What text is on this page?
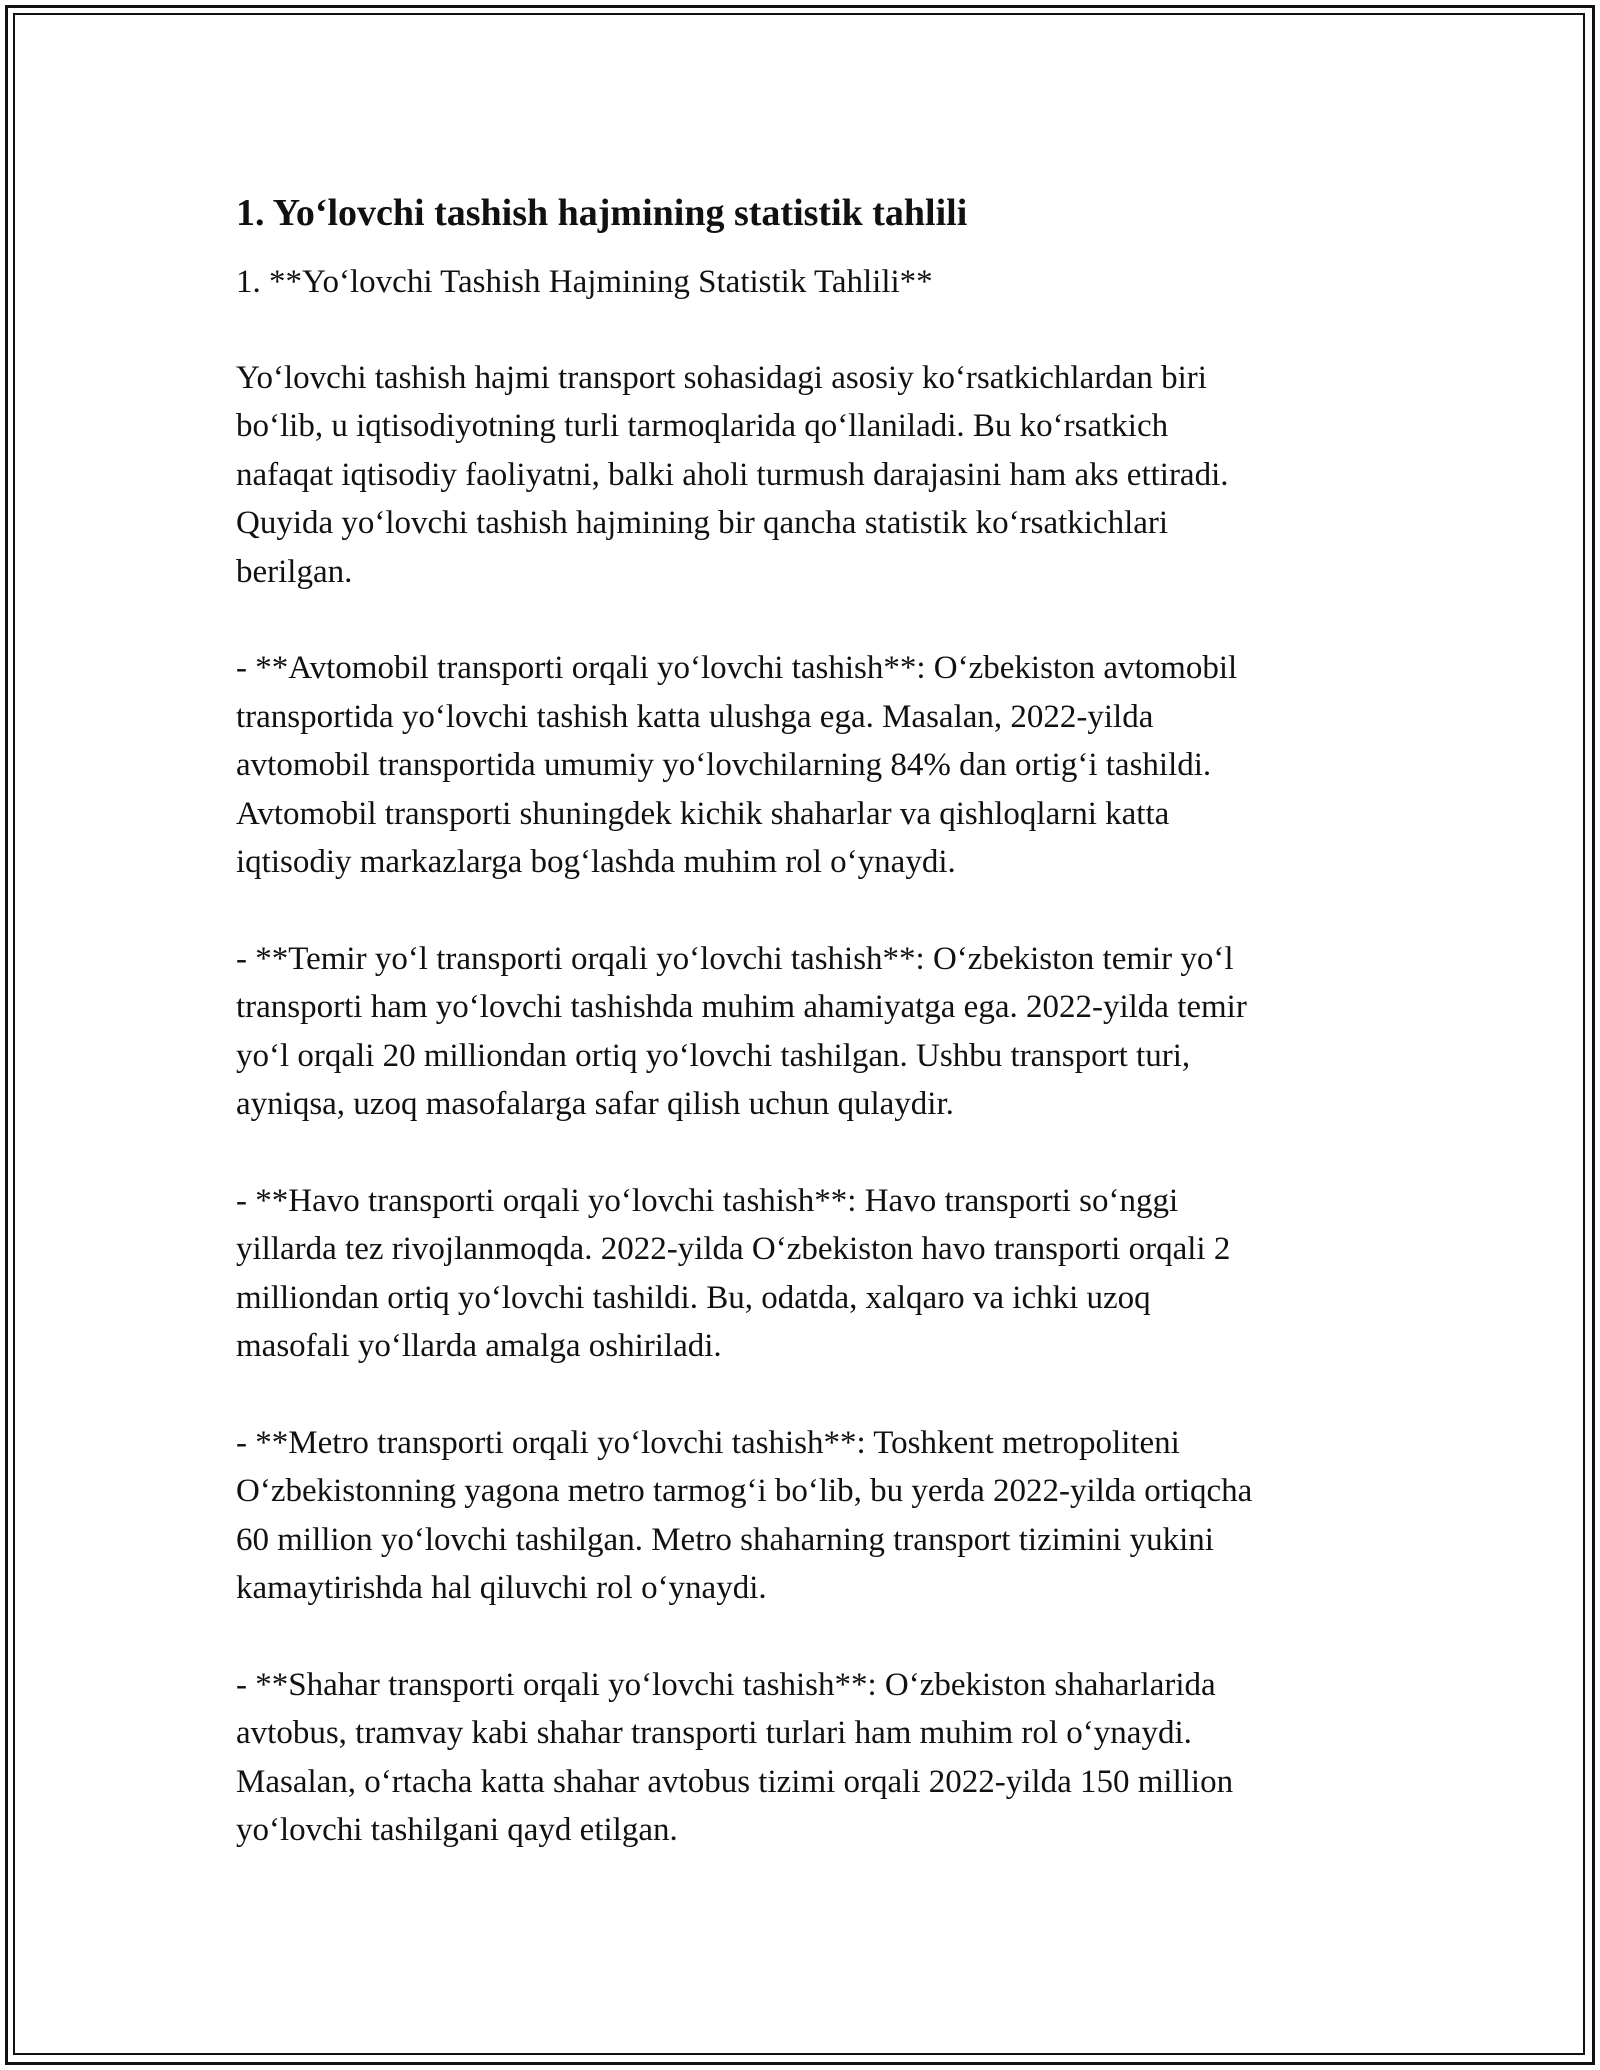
1. Yo‘lovchi tashish hajmining statistik tahlili
1. **Yo‘lovchi Tashish Hajmining Statistik Tahlili**

Yo‘lovchi tashish hajmi transport sohasidagi asosiy ko‘rsatkichlardan biri
bo‘lib, u iqtisodiyotning turli tarmoqlarida qo‘llaniladi. Bu ko‘rsatkich
nafaqat iqtisodiy faoliyatni, balki aholi turmush darajasini ham aks ettiradi.
Quyida yo‘lovchi tashish hajmining bir qancha statistik ko‘rsatkichlari
berilgan.

- **Avtomobil transporti orqali yo‘lovchi tashish**: O‘zbekiston avtomobil
transportida yo‘lovchi tashish katta ulushga ega. Masalan, 2022-yilda
avtomobil transportida umumiy yo‘lovchilarning 84% dan ortig‘i tashildi.
Avtomobil transporti shuningdek kichik shaharlar va qishloqlarni katta
iqtisodiy markazlarga bog‘lashda muhim rol o‘ynaydi.

- **Temir yo‘l transporti orqali yo‘lovchi tashish**: O‘zbekiston temir yo‘l
transporti ham yo‘lovchi tashishda muhim ahamiyatga ega. 2022-yilda temir
yo‘l orqali 20 milliondan ortiq yo‘lovchi tashilgan. Ushbu transport turi,
ayniqsa, uzoq masofalarga safar qilish uchun qulaydir.

- **Havo transporti orqali yo‘lovchi tashish**: Havo transporti so‘nggi
yillarda tez rivojlanmoqda. 2022-yilda O‘zbekiston havo transporti orqali 2
milliondan ortiq yo‘lovchi tashildi. Bu, odatda, xalqaro va ichki uzoq
masofali yo‘llarda amalga oshiriladi.

- **Metro transporti orqali yo‘lovchi tashish**: Toshkent metropoliteni
O‘zbekistonning yagona metro tarmog‘i bo‘lib, bu yerda 2022-yilda ortiqcha
60 million yo‘lovchi tashilgan. Metro shaharning transport tizimini yukini
kamaytirishda hal qiluvchi rol o‘ynaydi.

- **Shahar transporti orqali yo‘lovchi tashish**: O‘zbekiston shaharlarida
avtobus, tramvay kabi shahar transporti turlari ham muhim rol o‘ynaydi.
Masalan, o‘rtacha katta shahar avtobus tizimi orqali 2022-yilda 150 million
yo‘lovchi tashilgani qayd etilgan.
